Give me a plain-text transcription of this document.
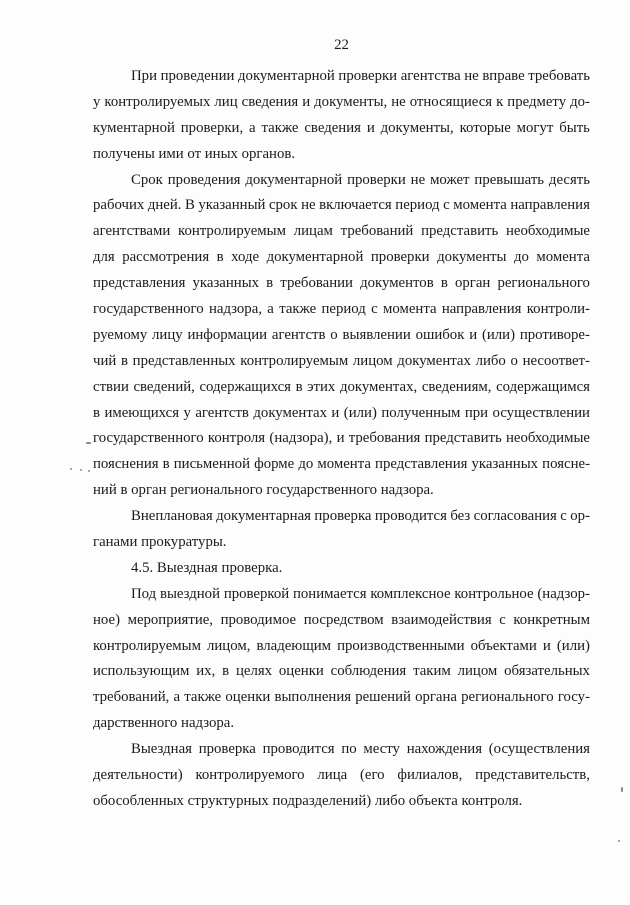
22
При проведении документарной проверки агентства не вправе требовать
у контролируемых лиц сведения и документы, не относящиеся к предмету до-
кументарной проверки, а также сведения и документы, которые могут быть
получены ими от иных органов.
Срок проведения документарной проверки не может превышать десять
рабочих дней. В указанный срок не включается период с момента направления
агентствами контролируемым лицам требований представить необходимые
для рассмотрения в ходе документарной проверки документы до момента
представления указанных в требовании документов в орган регионального
государственного надзора, а также период с момента направления контроли-
руемому лицу информации агентств о выявлении ошибок и (или) противоре-
чий в представленных контролируемым лицом документах либо о несоответ-
ствии сведений, содержащихся в этих документах, сведениям, содержащимся
в имеющихся у агентств документах и (или) полученным при осуществлении
государственного контроля (надзора), и требования представить необходимые
пояснения в письменной форме до момента представления указанных поясне-
ний в орган регионального государственного надзора.
Внеплановая документарная проверка проводится без согласования с ор-
ганами прокуратуры.
4.5. Выездная проверка.
Под выездной проверкой понимается комплексное контрольное (надзор-
ное) мероприятие, проводимое посредством взаимодействия с конкретным
контролируемым лицом, владеющим производственными объектами и (или)
использующим их, в целях оценки соблюдения таким лицом обязательных
требований, а также оценки выполнения решений органа регионального госу-
дарственного надзора.
Выездная проверка проводится по месту нахождения (осуществления
деятельности) контролируемого лица (его филиалов, представительств,
обособленных структурных подразделений) либо объекта контроля.
